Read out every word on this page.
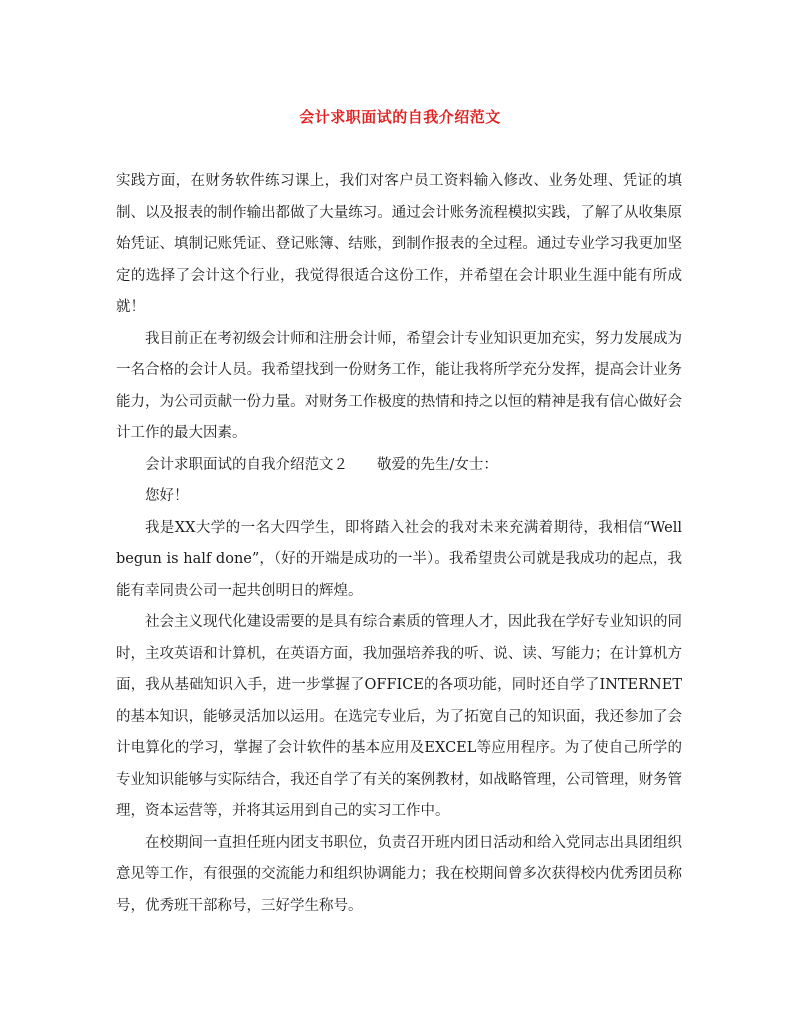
会计求职面试的自我介绍范文

实践方面，在财务软件练习课上，我们对客户员工资料输入修改、业务处理、凭证的填制、以及报表的制作输出都做了大量练习。通过会计账务流程模拟实践，了解了从收集原始凭证、填制记账凭证、登记账簿、结账，到制作报表的全过程。通过专业学习我更加坚定的选择了会计这个行业，我觉得很适合这份工作，并希望在会计职业生涯中能有所成就！

我目前正在考初级会计师和注册会计师，希望会计专业知识更加充实，努力发展成为一名合格的会计人员。我希望找到一份财务工作，能让我将所学充分发挥，提高会计业务能力，为公司贡献一份力量。对财务工作极度的热情和持之以恒的精神是我有信心做好会计工作的最大因素。

会计求职面试的自我介绍范文２　　敬爱的先生/女士：

您好！

我是XX大学的一名大四学生，即将踏入社会的我对未来充满着期待，我相信“Well begun is half done”，（好的开端是成功的一半）。我希望贵公司就是我成功的起点，我能有幸同贵公司一起共创明日的辉煌。

社会主义现代化建设需要的是具有综合素质的管理人才，因此我在学好专业知识的同时，主攻英语和计算机，在英语方面，我加强培养我的听、说、读、写能力；在计算机方面，我从基础知识入手，进一步掌握了OFFICE的各项功能，同时还自学了INTERNET的基本知识，能够灵活加以运用。在选完专业后，为了拓宽自己的知识面，我还参加了会计电算化的学习，掌握了会计软件的基本应用及EXCEL等应用程序。为了使自己所学的专业知识能够与实际结合，我还自学了有关的案例教材，如战略管理，公司管理，财务管理，资本运营等，并将其运用到自己的实习工作中。

在校期间一直担任班内团支书职位，负责召开班内团日活动和给入党同志出具团组织意见等工作，有很强的交流能力和组织协调能力；我在校期间曾多次获得校内优秀团员称号，优秀班干部称号，三好学生称号。
